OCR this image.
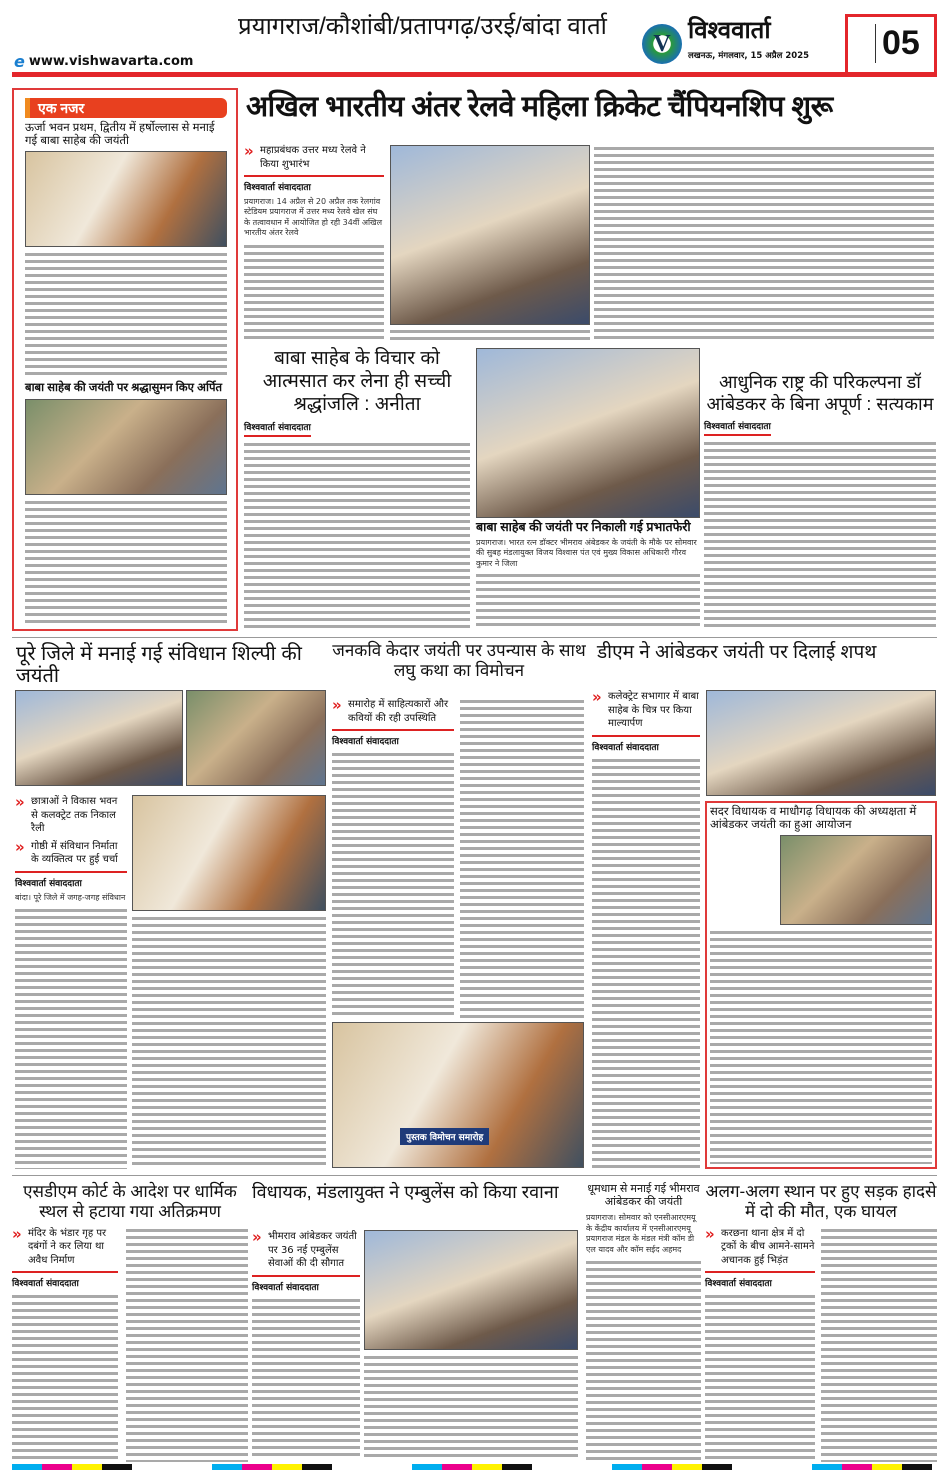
प्रयागराज/कौशांबी/प्रतापगढ़/उरई/बांदा वार्ता
e www.vishwavarta.com
V विश्ववार्ता
लखनऊ, मंगलवार, 15 अप्रैल 2025 05
एक नजर
ऊर्जा भवन प्रथम, द्वितीय में हर्षोल्लास से मनाई गई बाबा साहेब की जयंती
बाबा साहेब की जयंती पर श्रद्धासुमन किए अर्पित
अखिल भारतीय अंतर रेलवे महिला क्रिकेट चैंपियनशिप शुरू
» महाप्रबंधक उत्तर मध्य रेलवे ने किया शुभारंभ
विश्ववार्ता संवाददाता
प्रयागराज। 14 अप्रैल से 20 अप्रैल तक रेलगांव स्टेडियम प्रयागराज में उत्तर मध्य रेलवे खेल संघ के तत्वावधान में आयोजित हो रही 34वीं अखिल भारतीय अंतर रेलवे
बाबा साहेब के विचार को आत्मसात कर लेना ही सच्ची श्रद्धांजलि : अनीता
विश्ववार्ता संवाददाता
बाबा साहेब की जयंती पर निकाली गई प्रभातफेरी
प्रयागराज। भारत रत्न डॉक्टर भीमराव अंबेडकर के जयंती के मौके पर सोमवार की सुबह मंडलायुक्त विजय विश्वास पंत एवं मुख्य विकास अधिकारी गौरव कुमार ने जिला
आधुनिक राष्ट्र की परिकल्पना डॉ आंबेडकर के बिना अपूर्ण : सत्यकाम
विश्ववार्ता संवाददाता
पूरे जिले में मनाई गई संविधान शिल्पी की जयंती
» छात्राओं ने विकास भवन से कलक्ट्रेट तक निकाल रैली
» गोष्ठी में संविधान निर्माता के व्यक्तित्व पर हुई चर्चा
विश्ववार्ता संवाददाता
बांदा। पूरे जिले में जगह-जगह संविधान
जनकवि केदार जयंती पर उपन्यास के साथ लघु कथा का विमोचन
» समारोह में साहित्यकारों और कवियों की रही उपस्थिति
विश्ववार्ता संवाददाता
पुस्तक विमोचन समारोह
डीएम ने आंबेडकर जयंती पर दिलाई शपथ
» कलेक्ट्रेट सभागार में बाबा साहेब के चित्र पर किया माल्यार्पण
विश्ववार्ता संवाददाता
सदर विधायक व माधौगढ़ विधायक की अध्यक्षता में आंबेडकर जयंती का हुआ आयोजन
एसडीएम कोर्ट के आदेश पर धार्मिक स्थल से हटाया गया अतिक्रमण
» मंदिर के भंडार गृह पर दबंगों ने कर लिया था अवैध निर्माण
विश्ववार्ता संवाददाता
विधायक, मंडलायुक्त ने एम्बुलेंस को किया रवाना
» भीमराव आंबेडकर जयंती पर 36 नई एम्बुलेंस सेवाओं की दी सौगात
विश्ववार्ता संवाददाता
धूमधाम से मनाई गई भीमराव आंबेडकर की जयंती
प्रयागराज। सोमवार को एनसीआरएमयू के केंद्रीय कार्यालय में एनसीआरएमयू प्रयागराज मंडल के मंडल मंत्री कॉम डी एल यादव और कॉम सईद अहमद
अलग-अलग स्थान पर हुए सड़क हादसे में दो की मौत, एक घायल
» करछना थाना क्षेत्र में दो ट्रकों के बीच आमने-सामने अचानक हुई भिड़ंत
विश्ववार्ता संवाददाता
